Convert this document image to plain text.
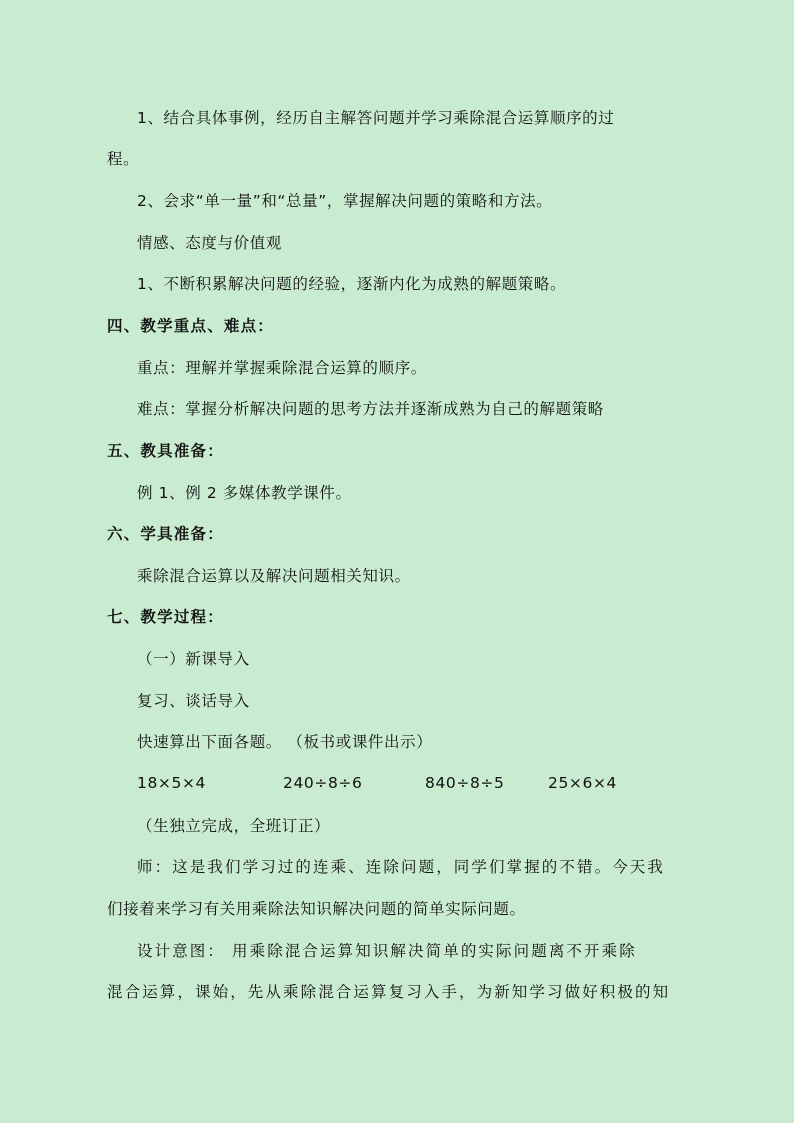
1、结合具体事例，经历自主解答问题并学习乘除混合运算顺序的过
程。
2、会求“单一量”和“总量”，掌握解决问题的策略和方法。
情感、态度与价值观
1、不断积累解决问题的经验，逐渐内化为成熟的解题策略。
四、教学重点、难点：
重点：理解并掌握乘除混合运算的顺序。
难点：掌握分析解决问题的思考方法并逐渐成熟为自己的解题策略
五、教具准备：
例 1、例 2 多媒体教学课件。
六、学具准备：
乘除混合运算以及解决问题相关知识。
七、教学过程：
（一）新课导入
复习、谈话导入
快速算出下面各题。 （板书或课件出示）
18×5×4	240÷8÷6	840÷8÷5	25×6×4
（生独立完成，全班订正）
师：这是我们学习过的连乘、连除问题，同学们掌握的不错。今天我
们接着来学习有关用乘除法知识解决问题的简单实际问题。
设计意图： 用乘除混合运算知识解决简单的实际问题离不开乘除
混合运算，课始，先从乘除混合运算复习入手，为新知学习做好积极的知
